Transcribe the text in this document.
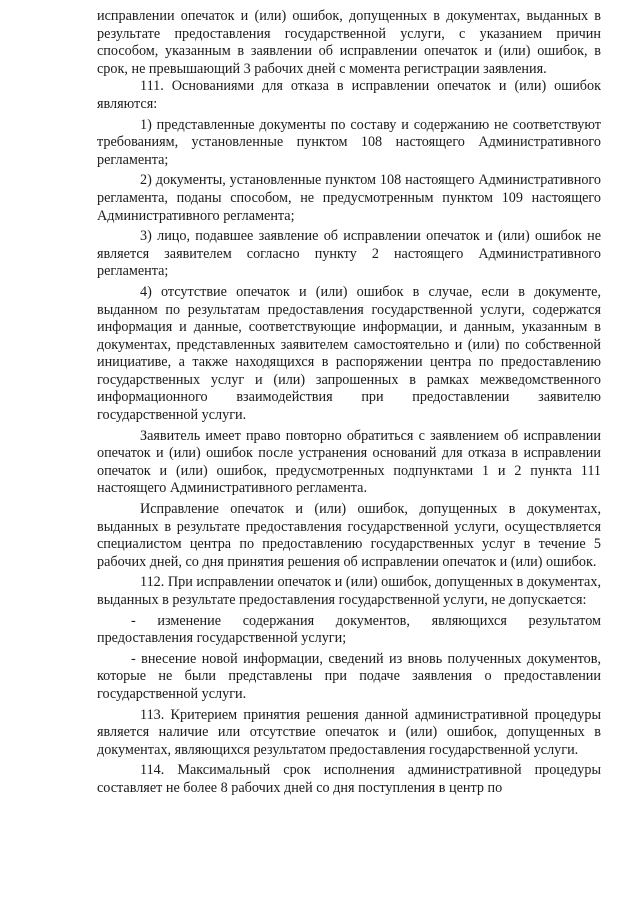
исправлении опечаток и (или) ошибок, допущенных в документах, выданных в результате предоставления государственной услуги, с указанием причин способом, указанным в заявлении об исправлении опечаток и (или) ошибок, в срок, не превышающий 3 рабочих дней с момента регистрации заявления.

111. Основаниями для отказа в исправлении опечаток и (или) ошибок являются:

1) представленные документы по составу и содержанию не соответствуют требованиям, установленные пунктом 108 настоящего Административного регламента;

2) документы, установленные пунктом 108 настоящего Административного регламента, поданы способом, не предусмотренным пунктом 109 настоящего Административного регламента;

3) лицо, подавшее заявление об исправлении опечаток и (или) ошибок не является заявителем согласно пункту 2 настоящего Административного регламента;

4) отсутствие опечаток и (или) ошибок в случае, если в документе, выданном по результатам предоставления государственной услуги, содержатся информация и данные, соответствующие информации, и данным, указанным в документах, представленных заявителем самостоятельно и (или) по собственной инициативе, а также находящихся в распоряжении центра по предоставлению государственных услуг и (или) запрошенных в рамках межведомственного информационного взаимодействия при предоставлении заявителю государственной услуги.

Заявитель имеет право повторно обратиться с заявлением об исправлении опечаток и (или) ошибок после устранения оснований для отказа в исправлении опечаток и (или) ошибок, предусмотренных подпунктами 1 и 2 пункта 111 настоящего Административного регламента.

Исправление опечаток и (или) ошибок, допущенных в документах, выданных в результате предоставления государственной услуги, осуществляется специалистом центра по предоставлению государственных услуг в течение 5 рабочих дней, со дня принятия решения об исправлении опечаток и (или) ошибок.

112. При исправлении опечаток и (или) ошибок, допущенных в документах, выданных в результате предоставления государственной услуги, не допускается:

- изменение содержания документов, являющихся результатом предоставления государственной услуги;

- внесение новой информации, сведений из вновь полученных документов, которые не были представлены при подаче заявления о предоставлении государственной услуги.

113. Критерием принятия решения данной административной процедуры является наличие или отсутствие опечаток и (или) ошибок, допущенных в документах, являющихся результатом предоставления государственной услуги.

114. Максимальный срок исполнения административной процедуры составляет не более 8 рабочих дней со дня поступления в центр по
